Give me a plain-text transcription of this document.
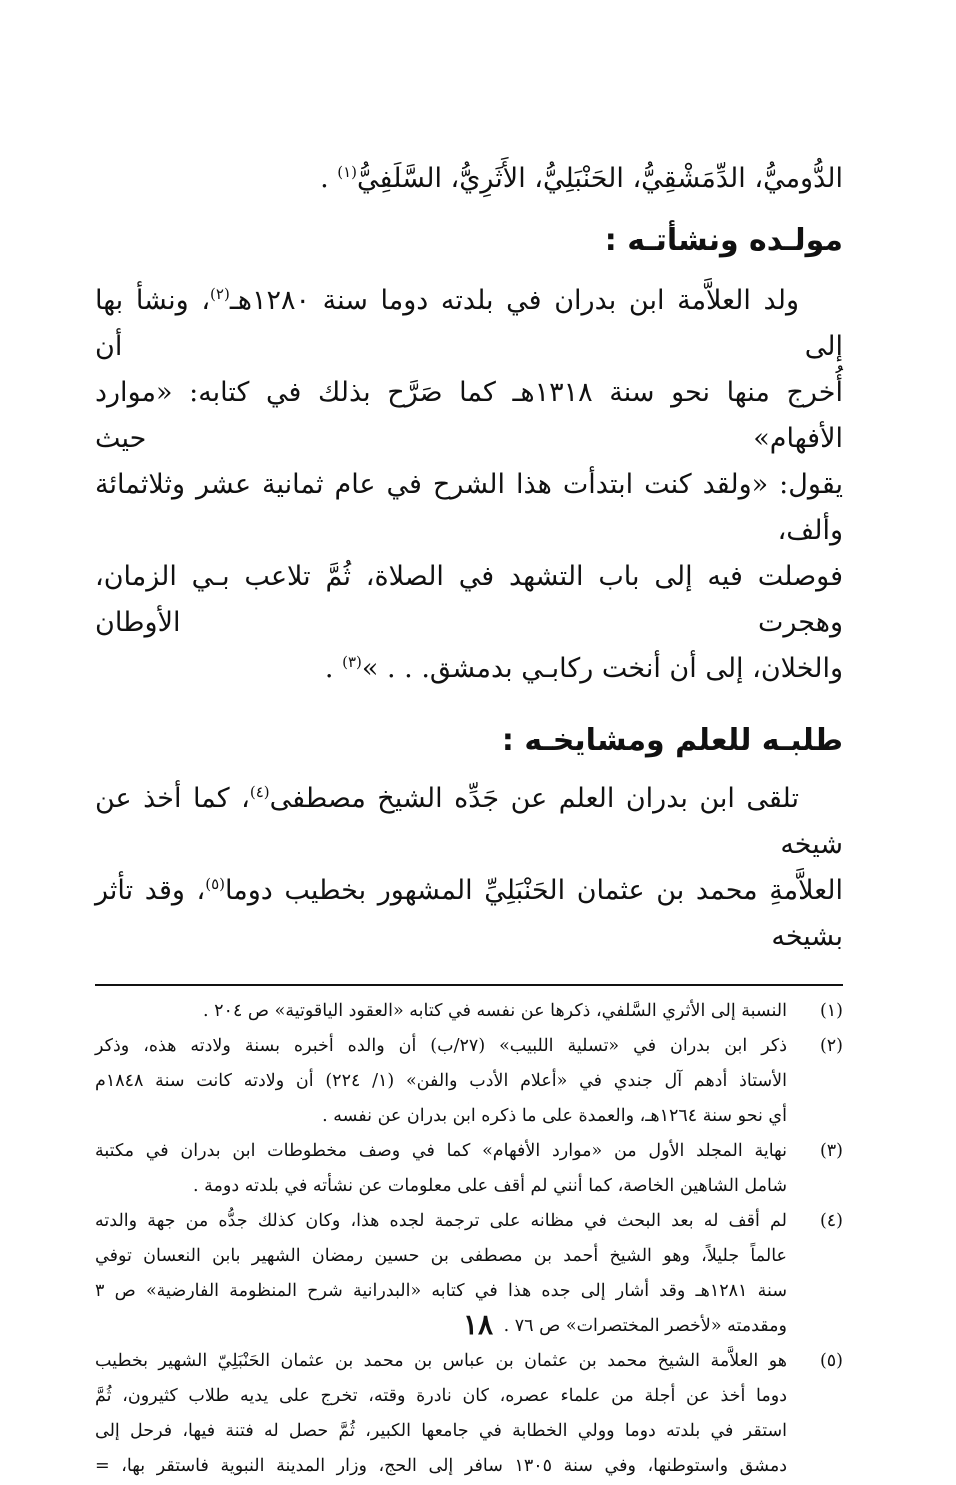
الدُّوميُّ، الدِّمَشْقِيُّ، الحَنْبَلِيُّ، الأَثَرِيُّ، السَّلَفِيُّ$^{(١)}$ .
مولـده ونشأتـه :
ولد العلاَّمة ابن بدران في بلدته دوما سنة ١٢٨٠هـ$^{(٢)}$، ونشأ بها إلى أن
أُخرج منها نحو سنة ١٣١٨هـ كما صَرَّح بذلك في كتابه: «موارد الأفهام» حيث
يقول: «ولقد كنت ابتدأت هذا الشرح في عام ثمانية عشر وثلاثمائة وألف،
فوصلت فيه إلى باب التشهد في الصلاة، ثُمَّ تلاعب بـي الزمان، وهجرت الأوطان
والخلان، إلى أن أنخت ركابـي بدمشق. . . »$^{(٣)}$ .
طلبـه للعلم ومشايخـه :
تلقى ابن بدران العلم عن جَدِّه الشيخ مصطفى$^{(٤)}$، كما أخذ عن شيخه
العلاَّمةِ محمد بن عثمان الحَنْبَلِيِّ المشهور بخطيب دوما$^{(٥)}$، وقد تأثر بشيخه
(١)
النسبة إلى الأثري السَّلفي، ذكرها عن نفسه في كتابه «العقود الياقوتية» ص ٢٠٤ .
(٢)
ذكر ابن بدران في «تسلية اللبيب» (٢٧/ب) أن والده أخبره بسنة ولادته هذه، وذكر
الأستاذ أدهم آل جندي في «أعلام الأدب والفن» (١/ ٢٢٤) أن ولادته كانت سنة ١٨٤٨م
أي نحو سنة ١٢٦٤هـ، والعمدة على ما ذكره ابن بدران عن نفسه .
(٣)
نهاية المجلد الأول من «موارد الأفهام» كما في وصف مخطوطات ابن بدران في مكتبة
شامل الشاهين الخاصة، كما أنني لم أقف على معلومات عن نشأته في بلدته دومة .
(٤)
لم أقف له بعد البحث في مظانه على ترجمة لجده هذا، وكان كذلك جدُّه من جهة والدته
عالماً جليلاً، وهو الشيخ أحمد بن مصطفى بن حسين رمضان الشهير بابن النعسان توفي
سنة ١٢٨١هـ وقد أشار إلى جده هذا في كتابه «البدرانية شرح المنظومة الفارضية» ص ٣
ومقدمته «لأخصر المختصرات» ص ٧٦ .
(٥)
هو العلاَّمة الشيخ محمد بن عثمان بن عباس بن محمد بن عثمان الحَنْبَلِيّ الشهير بخطيب
دوما أخذ عن أجلة من علماء عصره، كان نادرة وقته، تخرج على يديه طلاب كثيرون، ثُمَّ
استقر في بلدته دوما وولي الخطابة في جامعها الكبير، ثُمَّ حصل له فتنة فيها، فرحل إلى
دمشق واستوطنها، وفي سنة ١٣٠٥ سافر إلى الحج، وزار المدينة النبوية فاستقر بها، =
١٨
